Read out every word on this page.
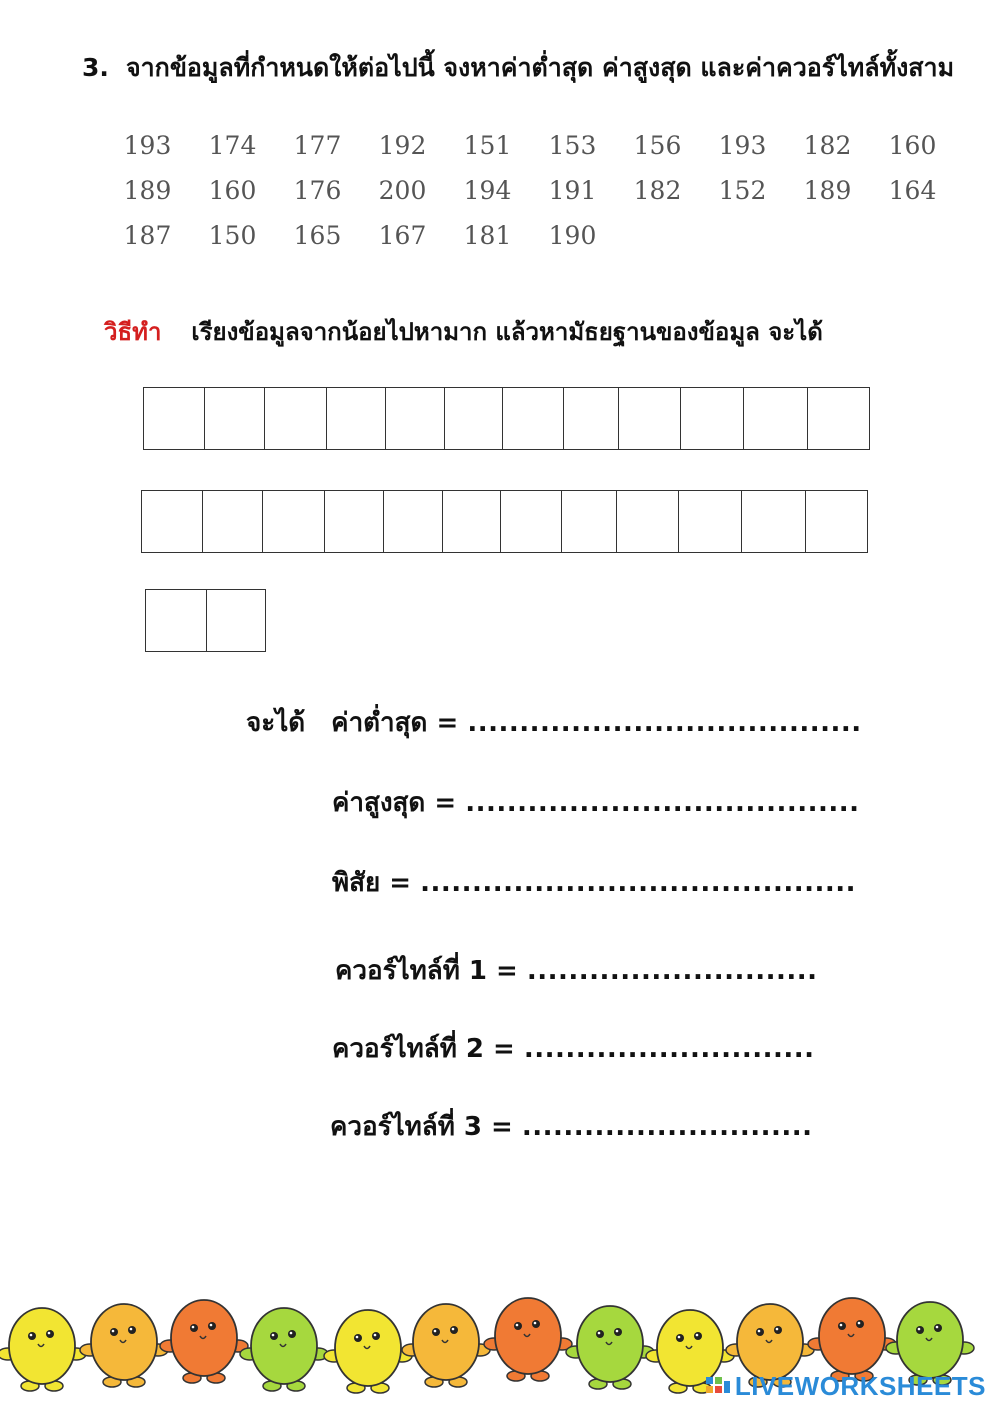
3. จากข้อมูลที่กำหนดให้ต่อไปนี้ จงหาค่าต่ำสุด ค่าสูงสุด และค่าควอร์ไทล์ทั้งสาม
193	174	177	192	151	153	156	193	182	160
189	160	176	200	194	191	182	152	189	164
187	150	165	167	181	190
วิธีทำ เรียงข้อมูลจากน้อยไปหามาก แล้วหามัธยฐานของข้อมูล จะได้
จะได้ ค่าต่ำสุด = ......................................
ค่าสูงสุด = ......................................
พิสัย = ..........................................
ควอร์ไทล์ที่ 1 = ............................
ควอร์ไทล์ที่ 2 = ............................
ควอร์ไทล์ที่ 3 = ............................
LIVEWORKSHEETS
